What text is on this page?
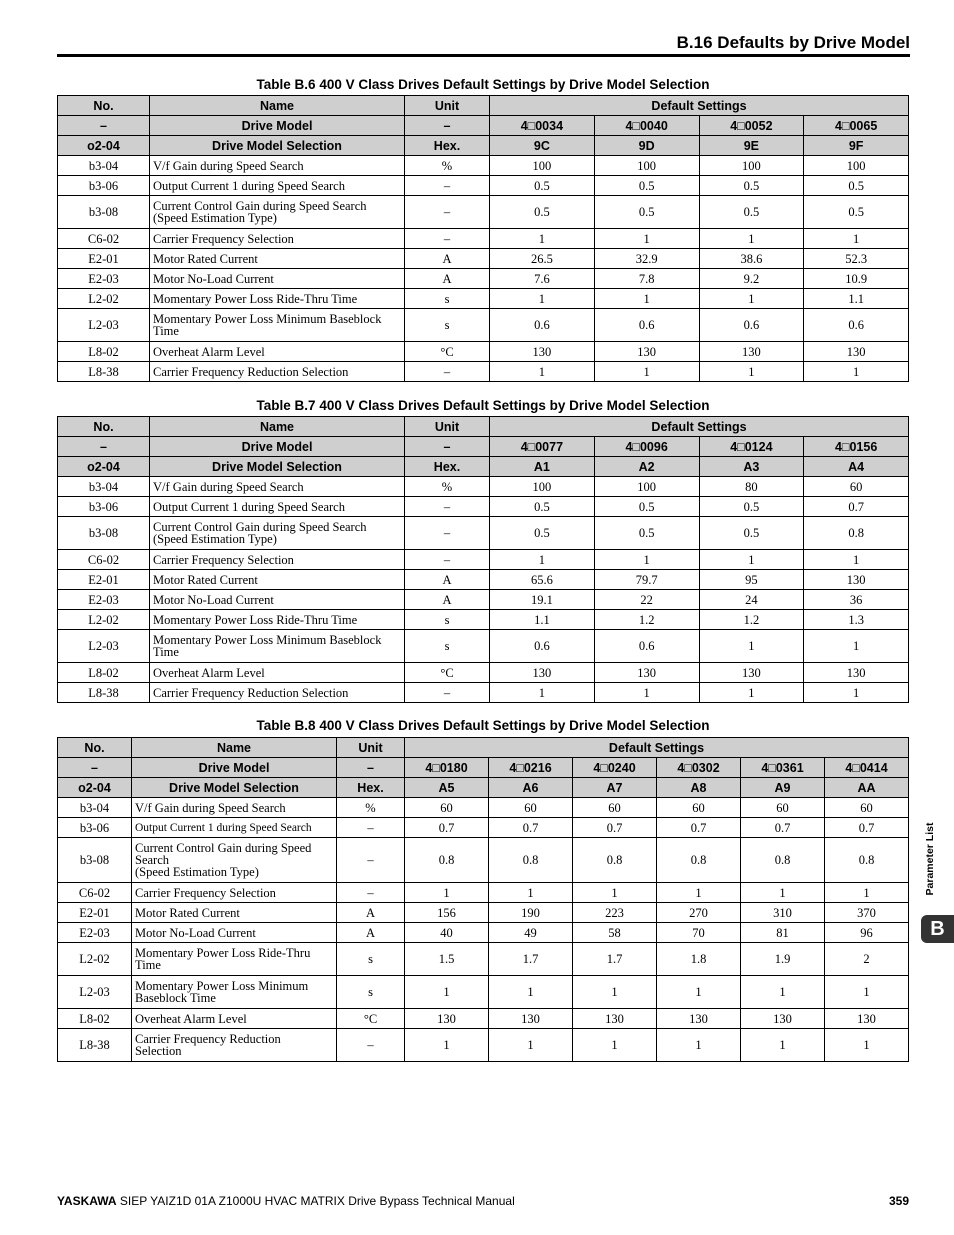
B.16 Defaults by Drive Model
Table B.6 400 V Class Drives Default Settings by Drive Model Selection
No.	Name	Unit	Default Settings			
–	Drive Model	–	4□0034	4□0040	4□0052	4□0065
o2-04	Drive Model Selection	Hex.	9C	9D	9E	9F
b3-04	V/f Gain during Speed Search	%	100	100	100	100
b3-06	Output Current 1 during Speed Search	–	0.5	0.5	0.5	0.5
b3-08	Current Control Gain during Speed Search
(Speed Estimation Type)	–	0.5	0.5	0.5	0.5
C6-02	Carrier Frequency Selection	–	1	1	1	1
E2-01	Motor Rated Current	A	26.5	32.9	38.6	52.3
E2-03	Motor No-Load Current	A	7.6	7.8	9.2	10.9
L2-02	Momentary Power Loss Ride-Thru Time	s	1	1	1	1.1
L2-03	Momentary Power Loss Minimum Baseblock
Time	s	0.6	0.6	0.6	0.6
L8-02	Overheat Alarm Level	°C	130	130	130	130
L8-38	Carrier Frequency Reduction Selection	–	1	1	1	1
Table B.7 400 V Class Drives Default Settings by Drive Model Selection
No.	Name	Unit	Default Settings			
–	Drive Model	–	4□0077	4□0096	4□0124	4□0156
o2-04	Drive Model Selection	Hex.	A1	A2	A3	A4
b3-04	V/f Gain during Speed Search	%	100	100	80	60
b3-06	Output Current 1 during Speed Search	–	0.5	0.5	0.5	0.7
b3-08	Current Control Gain during Speed Search
(Speed Estimation Type)	–	0.5	0.5	0.5	0.8
C6-02	Carrier Frequency Selection	–	1	1	1	1
E2-01	Motor Rated Current	A	65.6	79.7	95	130
E2-03	Motor No-Load Current	A	19.1	22	24	36
L2-02	Momentary Power Loss Ride-Thru Time	s	1.1	1.2	1.2	1.3
L2-03	Momentary Power Loss Minimum Baseblock
Time	s	0.6	0.6	1	1
L8-02	Overheat Alarm Level	°C	130	130	130	130
L8-38	Carrier Frequency Reduction Selection	–	1	1	1	1
Table B.8 400 V Class Drives Default Settings by Drive Model Selection
No.	Name	Unit	Default Settings					
–	Drive Model	–	4□0180	4□0216	4□0240	4□0302	4□0361	4□0414
o2-04	Drive Model Selection	Hex.	A5	A6	A7	A8	A9	AA
b3-04	V/f Gain during Speed Search	%	60	60	60	60	60	60
b3-06	Output Current 1 during Speed Search	–	0.7	0.7	0.7	0.7	0.7	0.7
b3-08	Current Control Gain during Speed
Search
(Speed Estimation Type)	–	0.8	0.8	0.8	0.8	0.8	0.8
C6-02	Carrier Frequency Selection	–	1	1	1	1	1	1
E2-01	Motor Rated Current	A	156	190	223	270	310	370
E2-03	Motor No-Load Current	A	40	49	58	70	81	96
L2-02	Momentary Power Loss Ride-Thru
Time	s	1.5	1.7	1.7	1.8	1.9	2
L2-03	Momentary Power Loss Minimum
Baseblock Time	s	1	1	1	1	1	1
L8-02	Overheat Alarm Level	°C	130	130	130	130	130	130
L8-38	Carrier Frequency Reduction
Selection	–	1	1	1	1	1	1
Parameter List
B
YASKAWA SIEP YAIZ1D 01A Z1000U HVAC MATRIX Drive Bypass Technical Manual	359
